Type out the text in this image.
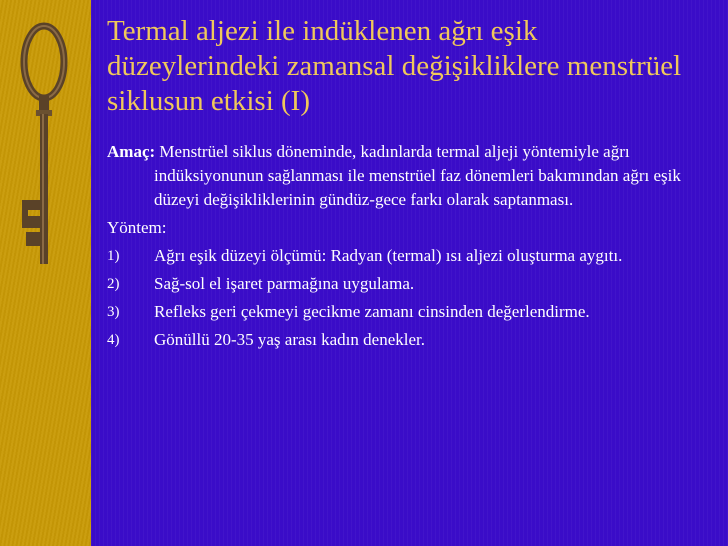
Termal aljezi ile indüklenen ağrı eşik düzeylerindeki zamansal değişikliklere menstrüel siklusun etkisi (I)

Amaç: Menstrüel siklus döneminde, kadınlarda termal aljeji yöntemiyle ağrı indüksiyonunun sağlanması ile menstrüel faz dönemleri bakımından ağrı eşik düzeyi değişikliklerinin gündüz-gece farkı olarak saptanması.

Yöntem:

1) Ağrı eşik düzeyi ölçümü: Radyan (termal) ısı aljezi oluşturma aygıtı.
2) Sağ-sol el işaret parmağına uygulama.
3) Refleks geri çekmeyi gecikme zamanı cinsinden değerlendirme.
4) Gönüllü 20-35 yaş arası kadın denekler.
